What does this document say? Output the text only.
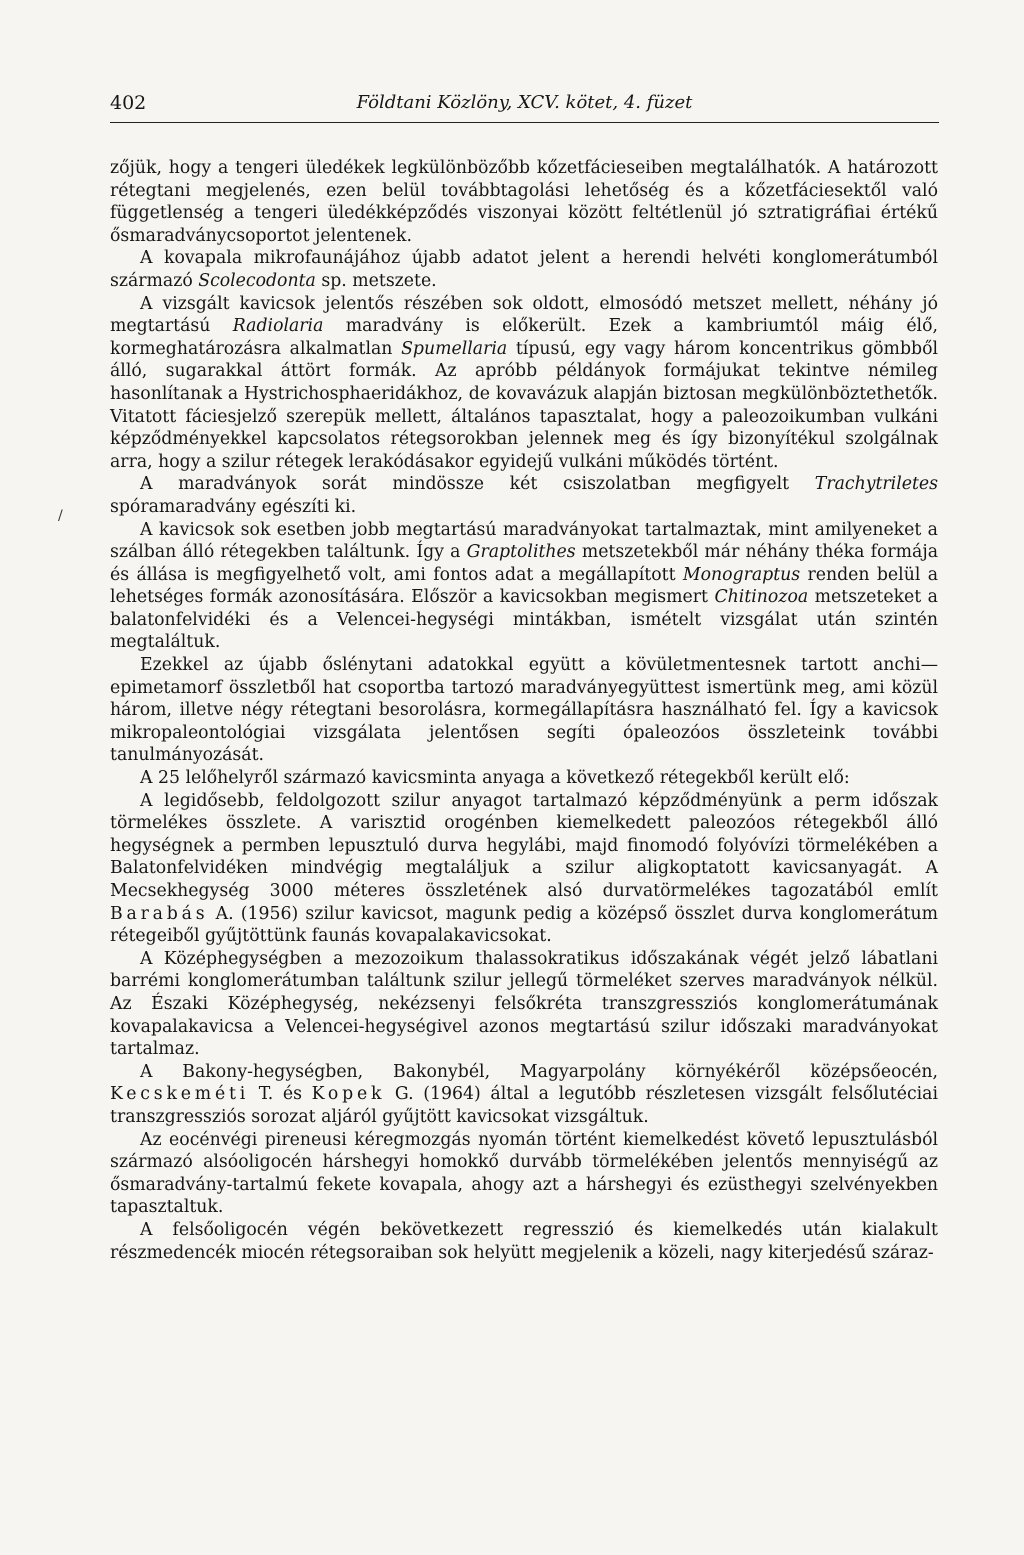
402	Földtani Közlöny, XCV. kötet, 4. füzet
/

zőjük, hogy a tengeri üledékek legkülönbözőbb kőzetfácieseiben megtalálhatók. A határozott rétegtani megjelenés, ezen belül továbbtagolási lehetőség és a kőzetfáciesektől való függetlenség a tengeri üledékképződés viszonyai között feltétlenül jó sztratigráfiai értékű ősmaradványcsoportot jelentenek.

A kovapala mikrofaunájához újabb adatot jelent a herendi helvéti konglomerátumból származó Scolecodonta sp. metszete.

A vizsgált kavicsok jelentős részében sok oldott, elmosódó metszet mellett, néhány jó megtartású Radiolaria maradvány is előkerült. Ezek a kambriumtól máig élő, kormeghatározásra alkalmatlan Spumellaria típusú, egy vagy három koncentrikus gömbből álló, sugarakkal áttört formák. Az apróbb példányok formájukat tekintve némileg hasonlítanak a Hystrichosphaeridákhoz, de kovavázuk alapján biztosan megkülönböztethetők. Vitatott fáciesjelző szerepük mellett, általános tapasztalat, hogy a paleozoikumban vulkáni képződményekkel kapcsolatos rétegsorokban jelennek meg és így bizonyítékul szolgálnak arra, hogy a szilur rétegek lerakódásakor egyidejű vulkáni működés történt.

A maradványok sorát mindössze két csiszolatban megfigyelt Trachytriletes spóramaradvány egészíti ki.

A kavicsok sok esetben jobb megtartású maradványokat tartalmaztak, mint amilyeneket a szálban álló rétegekben találtunk. Így a Graptolithes metszetekből már néhány théka formája és állása is megfigyelhető volt, ami fontos adat a megállapított Monograptus renden belül a lehetséges formák azonosítására. Először a kavicsokban megismert Chitinozoa metszeteket a balatonfelvidéki és a Velencei-hegységi mintákban, ismételt vizsgálat után szintén megtaláltuk.

Ezekkel az újabb őslénytani adatokkal együtt a kövületmentesnek tartott anchi—epimetamorf összletből hat csoportba tartozó maradványegyüttest ismertünk meg, ami közül három, illetve négy rétegtani besorolásra, kormegállapításra használható fel. Így a kavicsok mikropaleontológiai vizsgálata jelentősen segíti ópaleozóos összleteink további tanulmányozását.

A 25 lelőhelyről származó kavicsminta anyaga a következő rétegekből került elő:

A legidősebb, feldolgozott szilur anyagot tartalmazó képződményünk a perm időszak törmelékes összlete. A varisztid orogénben kiemelkedett paleozóos rétegekből álló hegységnek a permben lepusztuló durva hegylábi, majd finomodó folyóvízi törmelékében a Balatonfelvidéken mindvégig megtaláljuk a szilur aligkoptatott kavicsanyagát. A Mecsekhegység 3000 méteres összletének alsó durvatörmelékes tagozatából említ Barabás A. (1956) szilur kavicsot, magunk pedig a középső összlet durva konglomerátum rétegeiből gyűjtöttünk faunás kovapalakavicsokat.

A Középhegységben a mezozoikum thalassokratikus időszakának végét jelző lábatlani barrémi konglomerátumban találtunk szilur jellegű törmeléket szerves maradványok nélkül. Az Északi Középhegység, nekézsenyi felsőkréta transzgressziós konglomerátumának kovapalakavicsa a Velencei-hegységivel azonos megtartású szilur időszaki maradványokat tartalmaz.

A Bakony-hegységben, Bakonybél, Magyarpolány környékéről középsőeocén, Kecskeméti T. és Kopek G. (1964) által a legutóbb részletesen vizsgált felsőlutéciai transzgressziós sorozat aljáról gyűjtött kavicsokat vizsgáltuk.

Az eocénvégi pireneusi kéregmozgás nyomán történt kiemelkedést követő lepusztulásból származó alsóoligocén hárshegyi homokkő durvább törmelékében jelentős mennyiségű az ősmaradvány-tartalmú fekete kovapala, ahogy azt a hárshegyi és ezüsthegyi szelvényekben tapasztaltuk.

A felsőoligocén végén bekövetkezett regresszió és kiemelkedés után kialakult részmedencék miocén rétegsoraiban sok helyütt megjelenik a közeli, nagy kiterjedésű száraz-
